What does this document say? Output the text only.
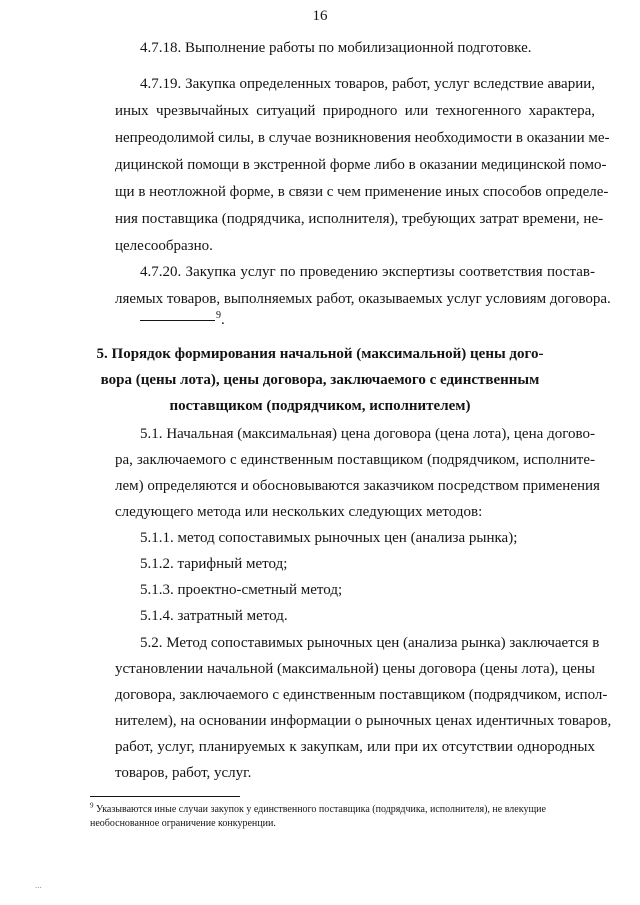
16
4.7.18. Выполнение работы по мобилизационной подготовке.
4.7.19. Закупка определенных товаров, работ, услуг вследствие аварии,
иных чрезвычайных ситуаций природного или техногенного характера,
непреодолимой силы, в случае возникновения необходимости в оказании ме-
дицинской помощи в экстренной форме либо в оказании медицинской помо-
щи в неотложной форме, в связи с чем применение иных способов определе-
ния поставщика (подрядчика, исполнителя), требующих затрат времени, не-
целесообразно.
4.7.20. Закупка услуг по проведению экспертизы соответствия постав-
ляемых товаров, выполняемых работ, оказываемых услуг условиям договора.
$^9$.
5. Порядок формирования начальной (максимальной) цены дого-
вора (цены лота), цены договора, заключаемого с единственным
поставщиком (подрядчиком, исполнителем)
5.1. Начальная (максимальная) цена договора (цена лота), цена догово-
ра, заключаемого с единственным поставщиком (подрядчиком, исполните-
лем) определяются и обосновываются заказчиком посредством применения
следующего метода или нескольких следующих методов:
5.1.1. метод сопоставимых рыночных цен (анализа рынка);
5.1.2. тарифный метод;
5.1.3. проектно-сметный метод;
5.1.4. затратный метод.
5.2. Метод сопоставимых рыночных цен (анализа рынка) заключается в
установлении начальной (максимальной) цены договора (цены лота), цены
договора, заключаемого с единственным поставщиком (подрядчиком, испол-
нителем), на основании информации о рыночных ценах идентичных товаров,
работ, услуг, планируемых к закупкам, или при их отсутствии однородных
товаров, работ, услуг.
$^9$ Указываются иные случаи закупок у единственного поставщика (подрядчика, исполнителя), не влекущие
необоснованное ограничение конкуренции.
...
